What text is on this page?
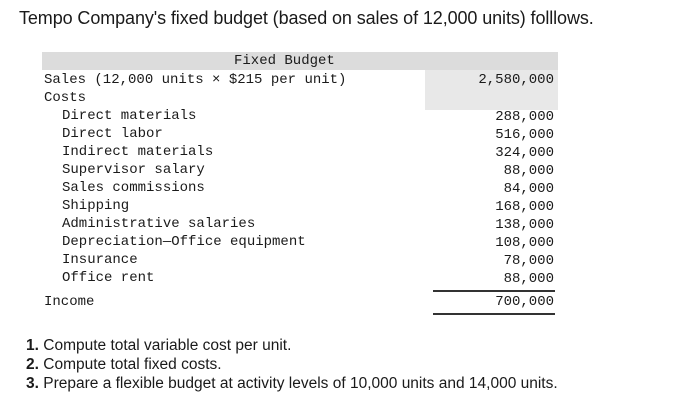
Tempo Company's fixed budget (based on sales of 12,000 units) folllows.
Fixed Budget
Sales (12,000 units × $215 per unit)	2,580,000
Costs
Direct materials	288,000
Direct labor	516,000
Indirect materials	324,000
Supervisor salary	88,000
Sales commissions	84,000
Shipping	168,000
Administrative salaries	138,000
Depreciation—Office equipment	108,000
Insurance	78,000
Office rent	88,000
Income	700,000
1. Compute total variable cost per unit.
2. Compute total fixed costs.
3. Prepare a flexible budget at activity levels of 10,000 units and 14,000 units.
